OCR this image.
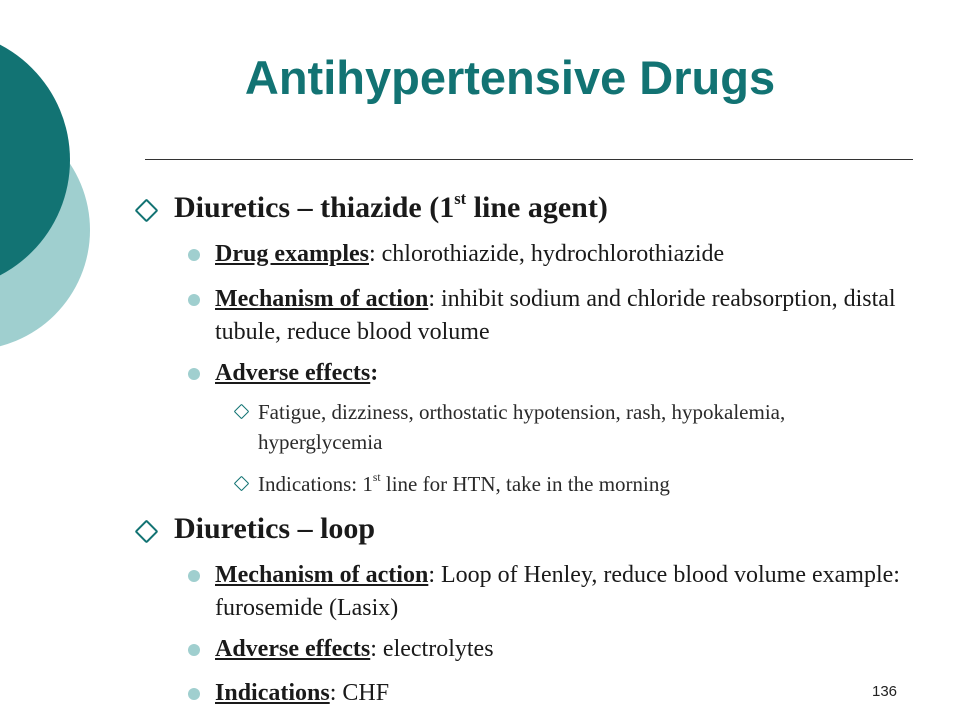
Antihypertensive Drugs
Diuretics – thiazide (1st line agent)
Drug examples: chlorothiazide, hydrochlorothiazide
Mechanism of action: inhibit sodium and chloride reabsorption, distal tubule, reduce blood volume
Adverse effects:
Fatigue, dizziness, orthostatic hypotension, rash, hypokalemia, hyperglycemia
Indications: 1st line for HTN, take in the morning
Diuretics – loop
Mechanism of action: Loop of Henley, reduce blood volume example: furosemide (Lasix)
Adverse effects: electrolytes
Indications: CHF	136
